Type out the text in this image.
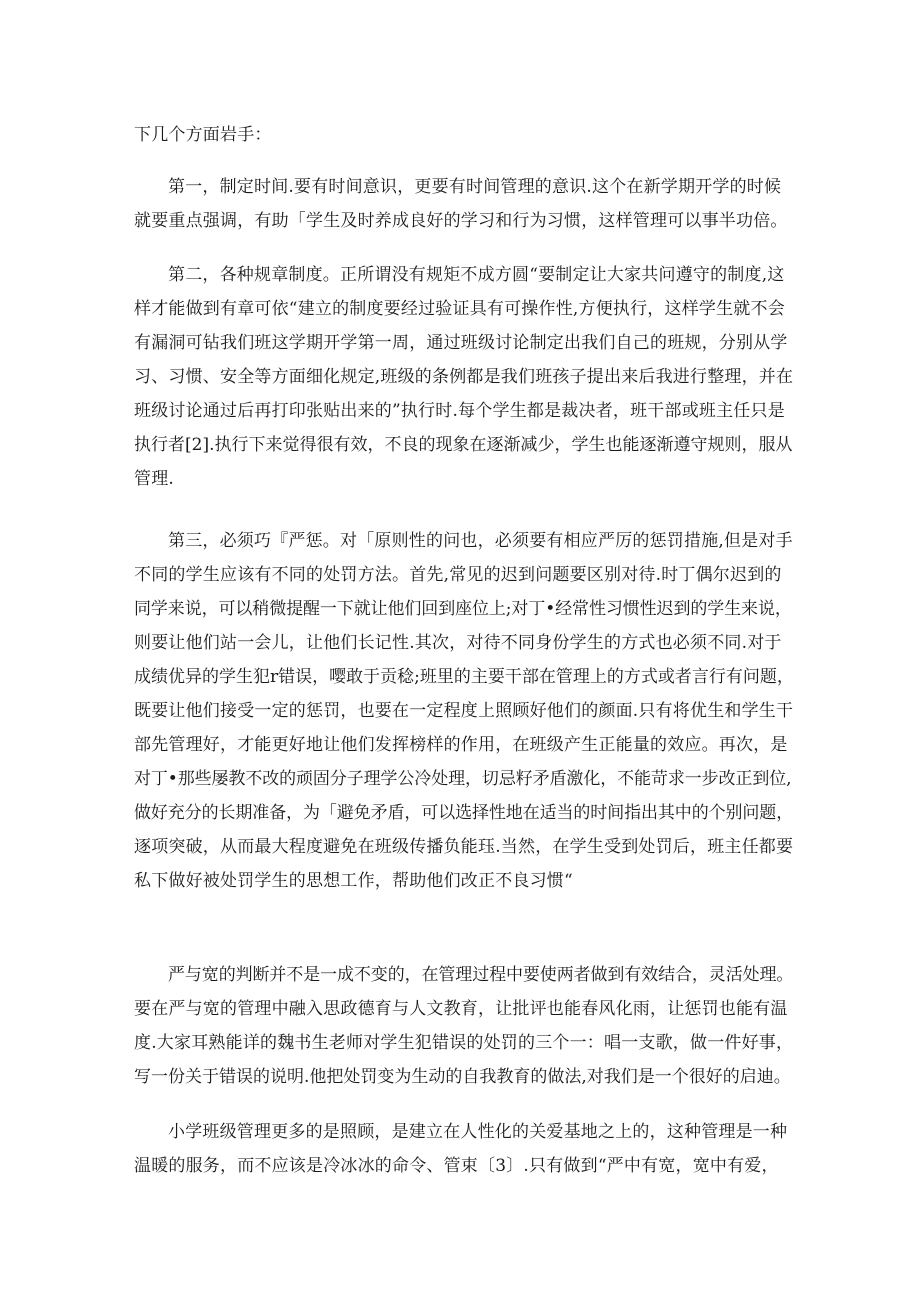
下几个方面岩手：

第一，制定时间.要有时间意识，更要有时间管理的意识.这个在新学期开学的时候
就要重点强调，有助「学生及时养成良好的学习和行为习惯，这样管理可以事半功倍。

第二，各种规章制度。正所谓没有规矩不成方圆“要制定让大家共问遵守的制度,这
样才能做到有章可依“建立的制度要经过验证具有可操作性,方便执行，这样学生就不会
有漏洞可钻我们班这学期开学第一周，通过班级讨论制定出我们自己的班规，分别从学
习、习惯、安全等方面细化规定,班级的条例都是我们班孩子提出来后我进行整理，并在
班级讨论通过后再打印张贴出来的”执行时.每个学生都是裁决者，班干部或班主任只是
执行者[2].执行下来觉得很有效，不良的现象在逐渐减少，学生也能逐渐遵守规则，服从
管理.

第三，必须巧『严惩。对「原则性的问也，必须要有相应严厉的惩罚措施,但是对手
不同的学生应该有不同的处罚方法。首先,常见的迟到问题要区别对待.时丁偶尔迟到的
同学来说，可以稍微提醒一下就让他们回到座位上;对丁•经常性习惯性迟到的学生来说，
则要让他们站一会儿，让他们长记性.其次，对待不同身份学生的方式也必须不同.对于
成绩优异的学生犯r错误，嘤敢于贡稔;班里的主要干部在管理上的方式或者言行有问题，
既要让他们接受一定的惩罚，也要在一定程度上照顾好他们的颜面.只有将优生和学生干
部先管理好，才能更好地让他们发挥榜样的作用，在班级产生正能量的效应。再次，是
对丁•那些屡教不改的顽固分子理学公冷处理，切忌籽矛盾激化，不能苛求一步改正到位,
做好充分的长期准备，为「避免矛盾，可以选择性地在适当的时间指出其中的个别问题，
逐项突破，从而最大程度避免在班级传播负能珏.当然，在学生受到处罚后，班主任都要
私下做好被处罚学生的思想工作，帮助他们改正不良习惯“

严与宽的判断并不是一成不变的，在管理过程中要使两者做到有效结合，灵活处理。
要在严与宽的管理中融入思政德育与人文教育，让批评也能春风化雨，让惩罚也能有温
度.大家耳熟能详的魏书生老师对学生犯错误的处罚的三个一：唱一支歌，做一件好事，
写一份关于错误的说明.他把处罚变为生动的自我教育的做法,对我们是一个很好的启迪。

小学班级管理更多的是照顾，是建立在人性化的关爱基地之上的，这种管理是一种
温暖的服务，而不应该是冷冰冰的命令、管束〔3〕.只有做到“严中有宽，宽中有爱，
